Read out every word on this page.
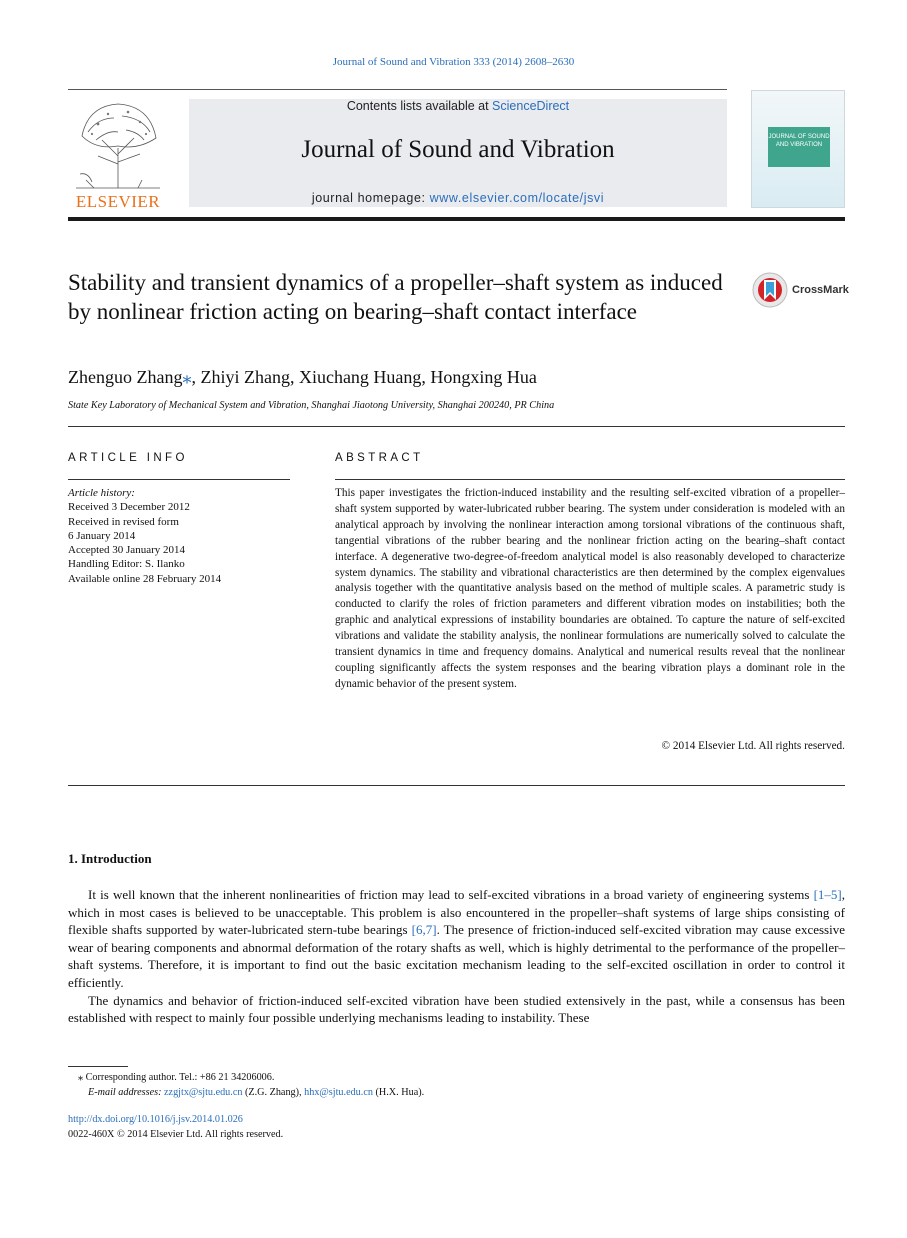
Journal of Sound and Vibration 333 (2014) 2608–2630
ELSEVIER
Contents lists available at ScienceDirect
Journal of Sound and Vibration
journal homepage: www.elsevier.com/locate/jsvi
JOURNAL OF SOUND AND VIBRATION
Stability and transient dynamics of a propeller–shaft system as induced by nonlinear friction acting on bearing–shaft contact interface
CrossMark
Zhenguo Zhang⁎, Zhiyi Zhang, Xiuchang Huang, Hongxing Hua
State Key Laboratory of Mechanical System and Vibration, Shanghai Jiaotong University, Shanghai 200240, PR China
ARTICLE INFO
Article history:
Received 3 December 2012
Received in revised form
6 January 2014
Accepted 30 January 2014
Handling Editor: S. Ilanko
Available online 28 February 2014
ABSTRACT
This paper investigates the friction-induced instability and the resulting self-excited vibration of a propeller–shaft system supported by water-lubricated rubber bearing. The system under consideration is modeled with an analytical approach by involving the nonlinear interaction among torsional vibrations of the continuous shaft, tangential vibrations of the rubber bearing and the nonlinear friction acting on the bearing–shaft contact interface. A degenerative two-degree-of-freedom analytical model is also reasonably developed to characterize system dynamics. The stability and vibrational characteristics are then determined by the complex eigenvalues analysis together with the quantitative analysis based on the method of multiple scales. A parametric study is conducted to clarify the roles of friction parameters and different vibration modes on instabilities; both the graphic and analytical expressions of instability boundaries are obtained. To capture the nature of self-excited vibrations and validate the stability analysis, the nonlinear formulations are numerically solved to calculate the transient dynamics in time and frequency domains. Analytical and numerical results reveal that the nonlinear coupling significantly affects the system responses and the bearing vibration plays a dominant role in the dynamic behavior of the present system.
© 2014 Elsevier Ltd. All rights reserved.
1. Introduction

It is well known that the inherent nonlinearities of friction may lead to self-excited vibrations in a broad variety of engineering systems [1–5], which in most cases is believed to be unacceptable. This problem is also encountered in the propeller–shaft systems of large ships consisting of flexible shafts supported by water-lubricated stern-tube bearings [6,7]. The presence of friction-induced self-excited vibration may cause excessive wear of bearing components and abnormal deformation of the rotary shafts as well, which is highly detrimental to the performance of the propeller–shaft systems. Therefore, it is important to find out the basic excitation mechanism leading to the self-excited oscillation in order to control it efficiently.

The dynamics and behavior of friction-induced self-excited vibration have been studied extensively in the past, while a consensus has been established with respect to mainly four possible underlying mechanisms leading to instability. These

⁎ Corresponding author. Tel.: +86 21 34206006.
E-mail addresses: zzgjtx@sjtu.edu.cn (Z.G. Zhang), hhx@sjtu.edu.cn (H.X. Hua).
http://dx.doi.org/10.1016/j.jsv.2014.01.026
0022-460X © 2014 Elsevier Ltd. All rights reserved.
